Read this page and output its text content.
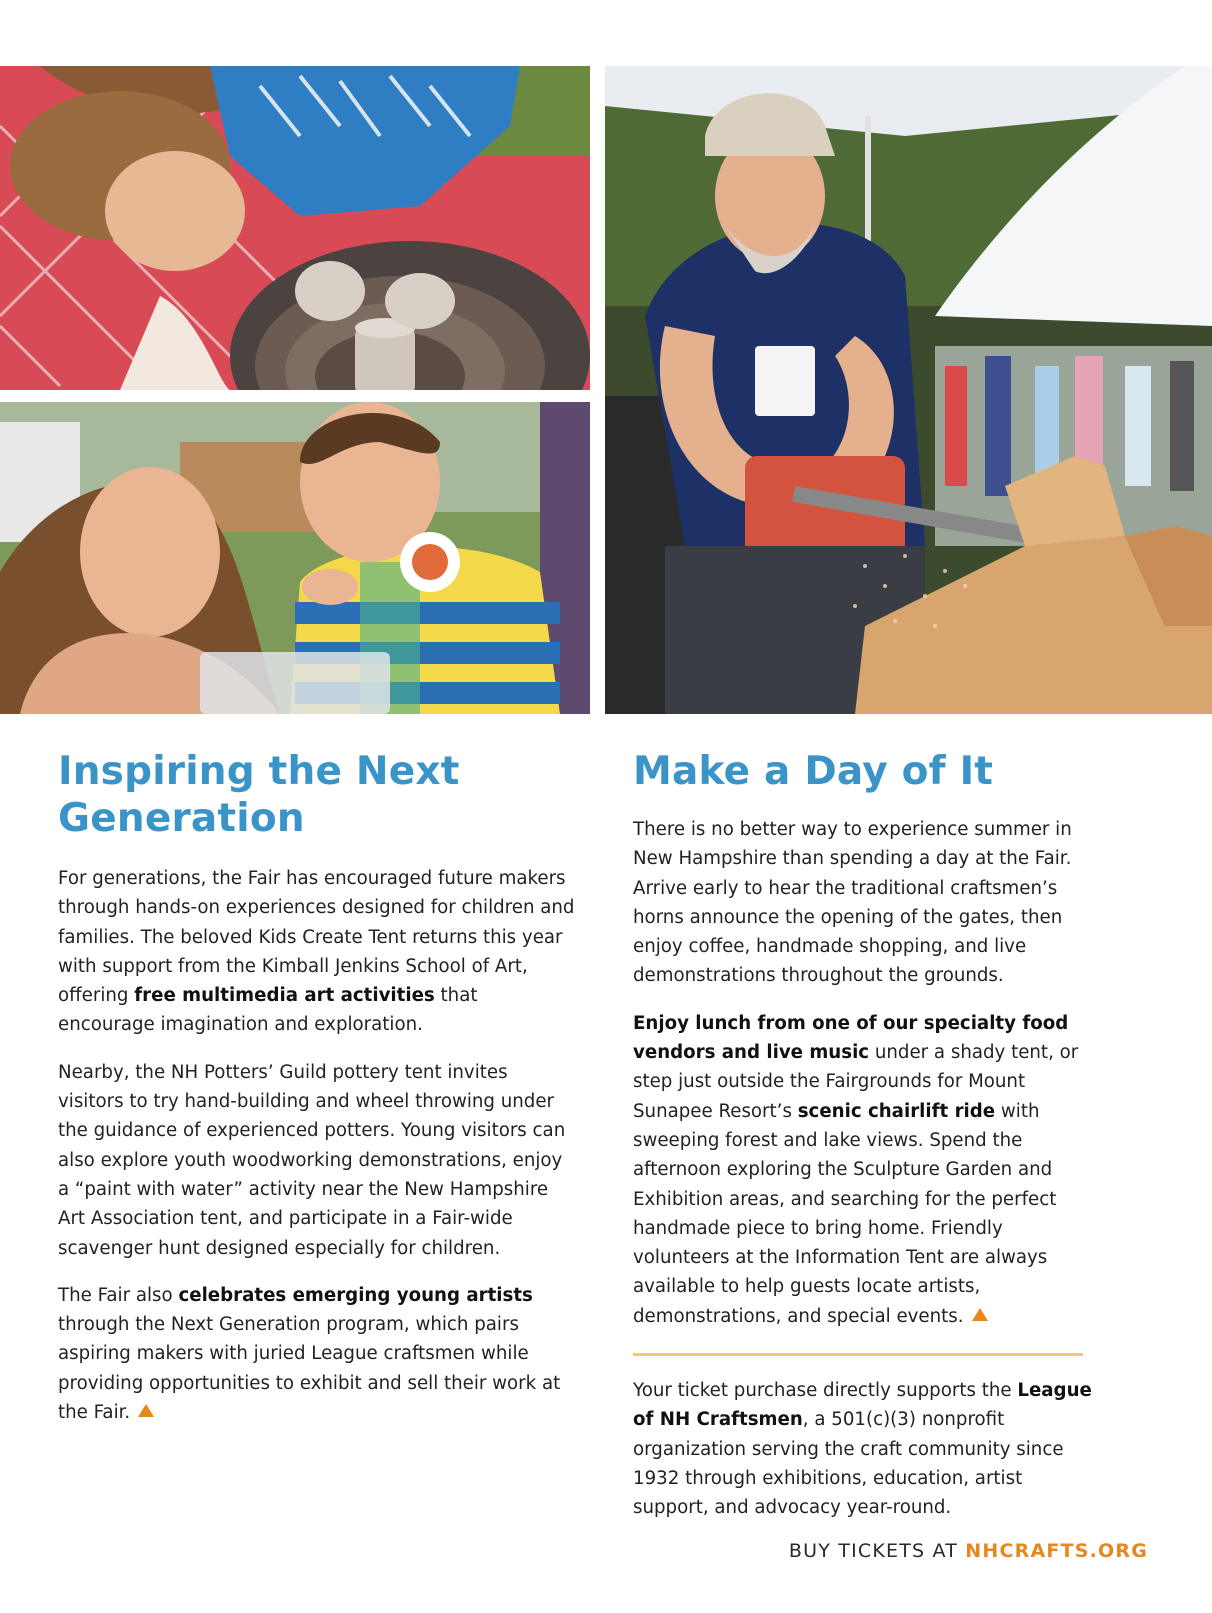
Inspiring the Next Generation

For generations, the Fair has encouraged future makers through hands-on experiences designed for children and families. The beloved Kids Create Tent returns this year with support from the Kimball Jenkins School of Art, offering free multimedia art activities that encourage imagination and exploration.

Nearby, the NH Potters’ Guild pottery tent invites visitors to try hand-building and wheel throwing under the guidance of experienced potters. Young visitors can also explore youth woodworking demonstrations, enjoy a “paint with water” activity near the New Hampshire Art Association tent, and participate in a Fair-wide scavenger hunt designed especially for children.

The Fair also celebrates emerging young artists through the Next Generation program, which pairs aspiring makers with juried League craftsmen while providing opportunities to exhibit and sell their work at the Fair.

Make a Day of It

There is no better way to experience summer in New Hampshire than spending a day at the Fair. Arrive early to hear the traditional craftsmen’s horns announce the opening of the gates, then enjoy coffee, handmade shopping, and live demonstrations throughout the grounds.

Enjoy lunch from one of our specialty food vendors and live music under a shady tent, or step just outside the Fairgrounds for Mount Sunapee Resort’s scenic chairlift ride with sweeping forest and lake views. Spend the afternoon exploring the Sculpture Garden and Exhibition areas, and searching for the perfect handmade piece to bring home. Friendly volunteers at the Information Tent are always available to help guests locate artists, demonstrations, and special events.

Your ticket purchase directly supports the League of NH Craftsmen, a 501(c)(3) nonprofit organization serving the craft community since 1932 through exhibitions, education, artist support, and advocacy year-round.

BUY TICKETS AT NHCRAFTS.ORG
